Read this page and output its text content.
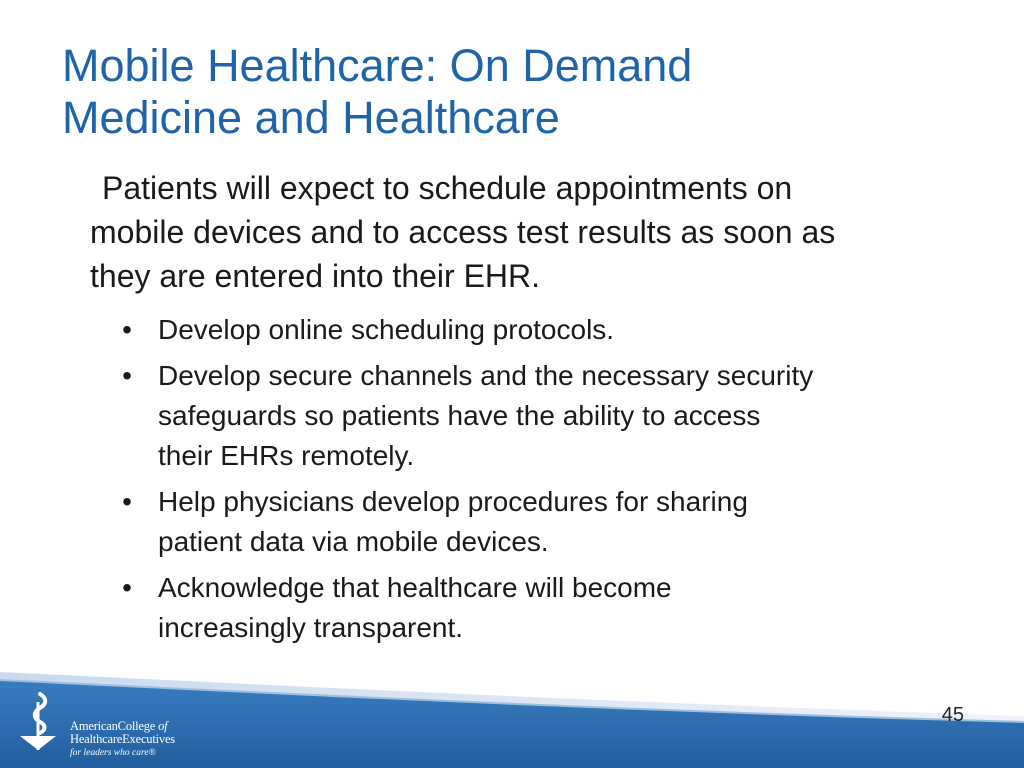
Mobile Healthcare: On Demand
Medicine and Healthcare

Patients will expect to schedule appointments on
mobile devices and to access test results as soon as
they are entered into their EHR.

• Develop online scheduling protocols.
• Develop secure channels and the necessary security
safeguards so patients have the ability to access
their EHRs remotely.
• Help physicians develop procedures for sharing
patient data via mobile devices.
• Acknowledge that healthcare will become
increasingly transparent.
45
AmericanCollege of
HealthcareExecutives
for leaders who care®
